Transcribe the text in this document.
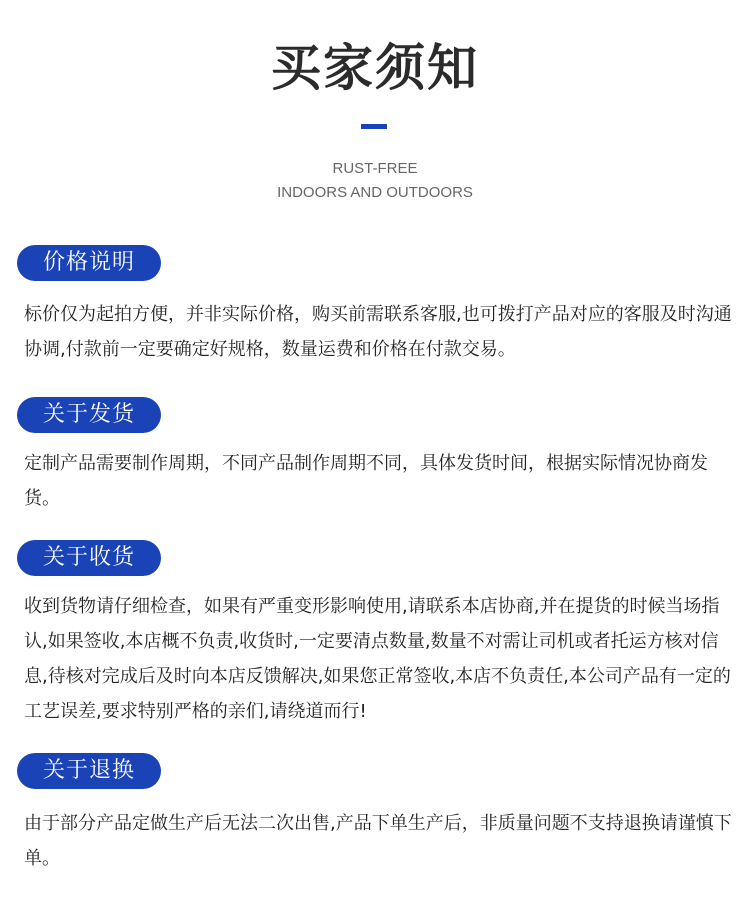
买家须知
RUST-FREE
INDOORS AND OUTDOORS
价格说明
标价仅为起拍方便，并非实际价格，购买前需联系客服,也可拨打产品对应的客服及时沟通协调,付款前一定要确定好规格，数量运费和价格在付款交易。
关于发货
定制产品需要制作周期，不同产品制作周期不同，具体发货时间，根据实际情况协商发货。
关于收货
收到货物请仔细检查，如果有严重变形影响使用,请联系本店协商,并在提货的时候当场指认,如果签收,本店概不负责,收货时,一定要清点数量,数量不对需让司机或者托运方核对信息,待核对完成后及时向本店反馈解决,如果您正常签收,本店不负责任,本公司产品有一定的工艺误差,要求特别严格的亲们,请绕道而行!
关于退换
由于部分产品定做生产后无法二次出售,产品下单生产后，非质量问题不支持退换请谨慎下单。
